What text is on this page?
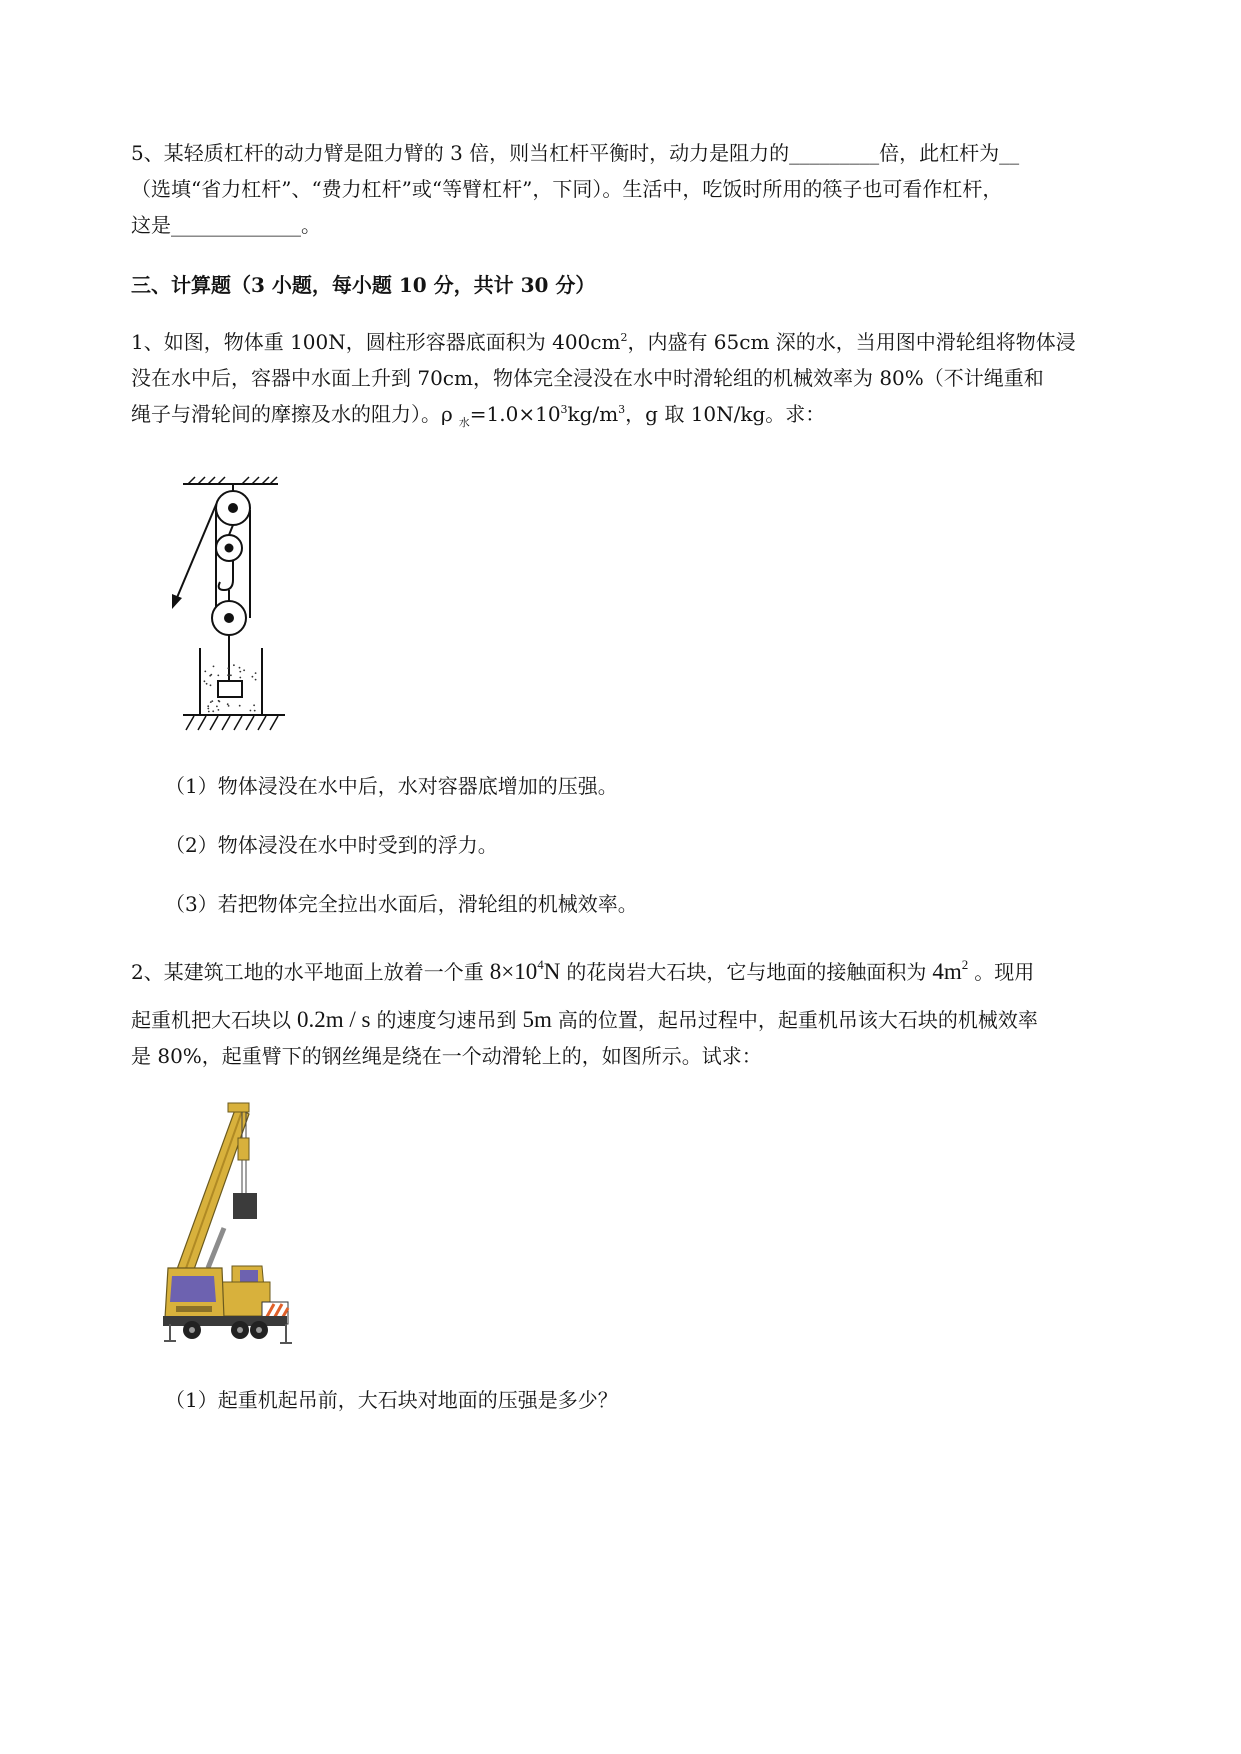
5、某轻质杠杆的动力臂是阻力臂的 3 倍，则当杠杆平衡时，动力是阻力的_________倍，此杠杆为__
（选填“省力杠杆”、“费力杠杆”或“等臂杠杆”，下同）。生活中，吃饭时所用的筷子也可看作杠杆，
这是_____________。
三、计算题（3 小题，每小题 10 分，共计 30 分）
1、如图，物体重 100N，圆柱形容器底面积为 $400cm^2$，内盛有 65cm 深的水，当用图中滑轮组将物体浸
没在水中后，容器中水面上升到 70cm，物体完全浸没在水中时滑轮组的机械效率为 80%（不计绳重和
绳子与滑轮间的摩擦及水的阻力）。ρ $_水=1.0\times 10^3kg/m^3$，g 取 10N/kg。求：
（1）物体浸没在水中后，水对容器底增加的压强。
（2）物体浸没在水中时受到的浮力。
（3）若把物体完全拉出水面后，滑轮组的机械效率。
2、某建筑工地的水平地面上放着一个重 $8\times 10^4N$ 的花岗岩大石块，它与地面的接触面积为 $4m^2$ 。现用
起重机把大石块以 0.2m / s 的速度匀速吊到 5m 高的位置，起吊过程中，起重机吊该大石块的机械效率
是 80%，起重臂下的钢丝绳是绕在一个动滑轮上的，如图所示。试求：
（1）起重机起吊前，大石块对地面的压强是多少？
